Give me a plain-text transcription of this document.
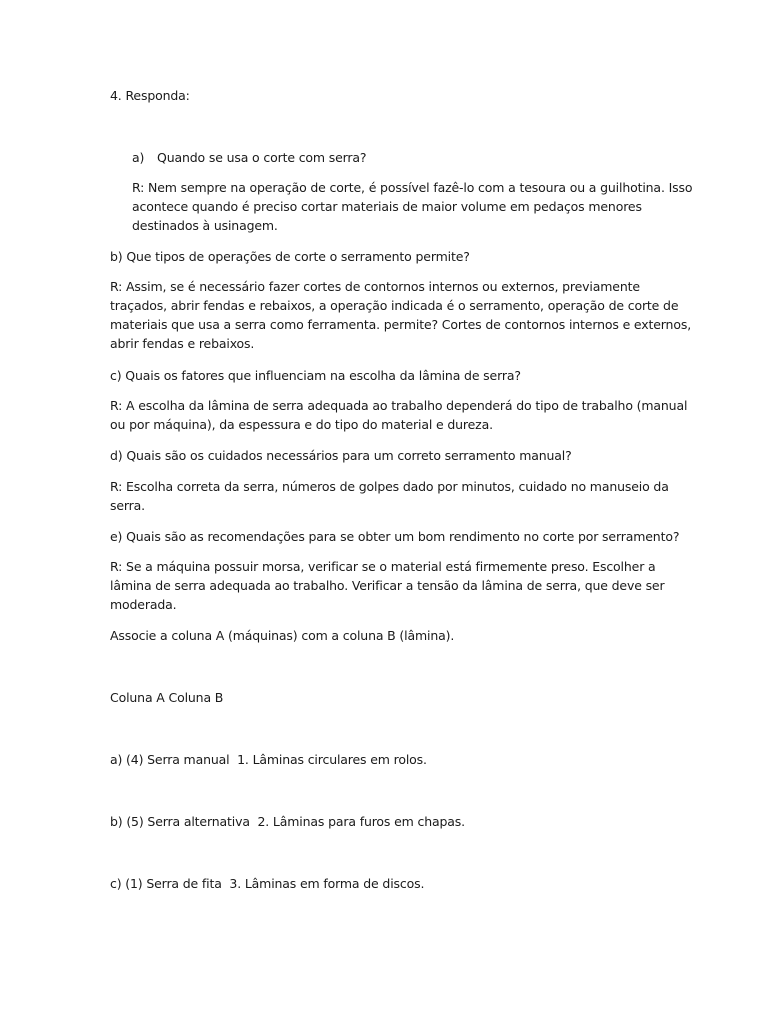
4. Responda:
a) Quando se usa o corte com serra?
R: Nem sempre na operação de corte, é possível fazê-lo com a tesoura ou a guilhotina. Isso
acontece quando é preciso cortar materiais de maior volume em pedaços menores
destinados à usinagem.
b) Que tipos de operações de corte o serramento permite?
R: Assim, se é necessário fazer cortes de contornos internos ou externos, previamente
traçados, abrir fendas e rebaixos, a operação indicada é o serramento, operação de corte de
materiais que usa a serra como ferramenta. permite? Cortes de contornos internos e externos,
abrir fendas e rebaixos.
c) Quais os fatores que influenciam na escolha da lâmina de serra?
R: A escolha da lâmina de serra adequada ao trabalho dependerá do tipo de trabalho (manual
ou por máquina), da espessura e do tipo do material e dureza.
d) Quais são os cuidados necessários para um correto serramento manual?
R: Escolha correta da serra, números de golpes dado por minutos, cuidado no manuseio da
serra.
e) Quais são as recomendações para se obter um bom rendimento no corte por serramento?
R: Se a máquina possuir morsa, verificar se o material está firmemente preso. Escolher a
lâmina de serra adequada ao trabalho. Verificar a tensão da lâmina de serra, que deve ser
moderada.
Associe a coluna A (máquinas) com a coluna B (lâmina).
Coluna A Coluna B
a) (4) Serra manual  1. Lâminas circulares em rolos.
b) (5) Serra alternativa  2. Lâminas para furos em chapas.
c) (1) Serra de fita  3. Lâminas em forma de discos.
